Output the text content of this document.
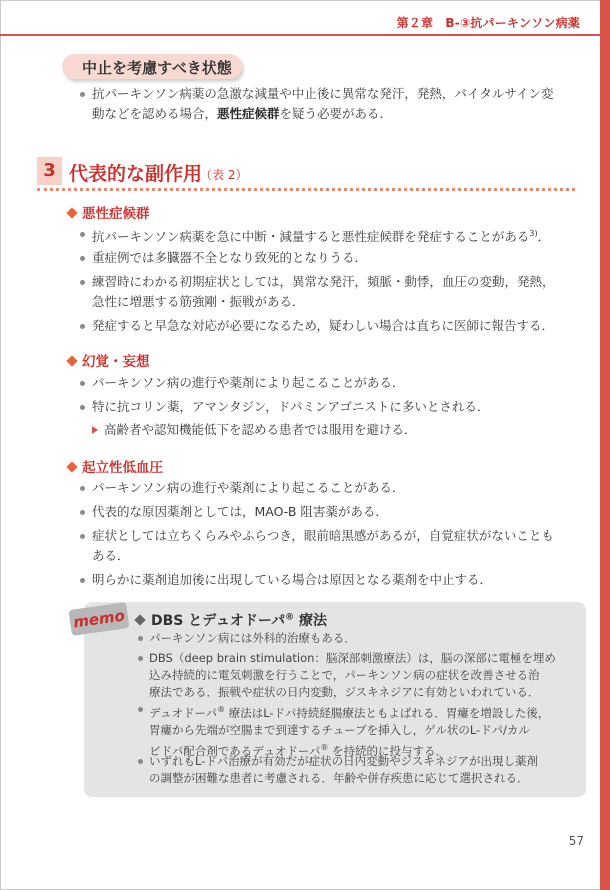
第２章　B-③抗パーキンソン病薬
中止を考慮すべき状態
抗パーキンソン病薬の急激な減量や中止後に異常な発汗，発熱，バイタルサイン変
動などを認める場合，悪性症候群を疑う必要がある．
3 代表的な副作用
（表 2）
悪性症候群
抗パーキンソン病薬を急に中断・減量すると悪性症候群を発症することがある$^{3)}$．
重症例では多臓器不全となり致死的となりうる．
練習時にわかる初期症状としては，異常な発汗，頻脈・動悸，血圧の変動，発熱，
急性に増悪する筋強剛・振戦がある．
発症すると早急な対応が必要になるため，疑わしい場合は直ちに医師に報告する．
幻覚・妄想
パーキンソン病の進行や薬剤により起こることがある．
特に抗コリン薬，アマンタジン，ドパミンアゴニストに多いとされる．
高齢者や認知機能低下を認める患者では服用を避ける．
起立性低血圧
パーキンソン病の進行や薬剤により起こることがある．
代表的な原因薬剤としては，MAO-B 阻害薬がある．
症状としては立ちくらみやふらつき，眼前暗黒感があるが，自覚症状がないことも
ある．
明らかに薬剤追加後に出現している場合は原因となる薬剤を中止する．
memo	DBS とデュオドーパ® 療法
パーキンソン病には外科的治療もある．
DBS（deep brain stimulation：脳深部刺激療法）は，脳の深部に電極を埋め
込み持続的に電気刺激を行うことで，パーキンソン病の症状を改善させる治
療法である．振戦や症状の日内変動，ジスキネジアに有効といわれている．
デュオドーパ® 療法はL-ドパ持続経腸療法ともよばれる．胃瘻を増設した後，
胃瘻から先端が空腸まで到達するチューブを挿入し，ゲル状のL-ドパ/カル
ビドパ配合剤であるデュオドーパ® を持続的に投与する．
いずれもL-ドパ治療が有効だが症状の日内変動やジスキネジアが出現し薬剤
の調整が困難な患者に考慮される．年齢や併存疾患に応じて選択される．
57
